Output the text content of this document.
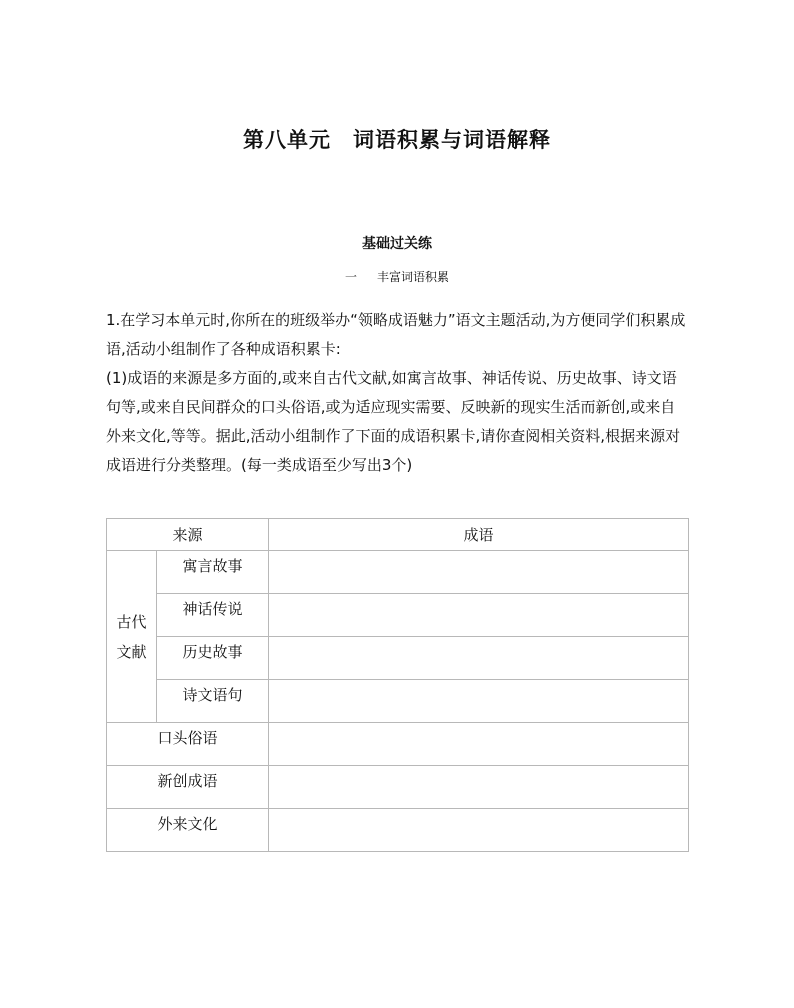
第八单元 词语积累与词语解释
基础过关练
一 丰富词语积累

1.在学习本单元时,你所在的班级举办“领略成语魅力”语文主题活动,为方便同学们积累成语,活动小组制作了各种成语积累卡:

(1)成语的来源是多方面的,或来自古代文献,如寓言故事、神话传说、历史故事、诗文语句等,或来自民间群众的口头俗语,或为适应现实需要、反映新的现实生活而新创,或来自外来文化,等等。据此,活动小组制作了下面的成语积累卡,请你查阅相关资料,根据来源对成语进行分类整理。(每一类成语至少写出3个)

来源		成语
古代文献	寓言故事	

	神话传说	

	历史故事	

	诗文语句	

口头俗语		

新创成语		

外来文化		
